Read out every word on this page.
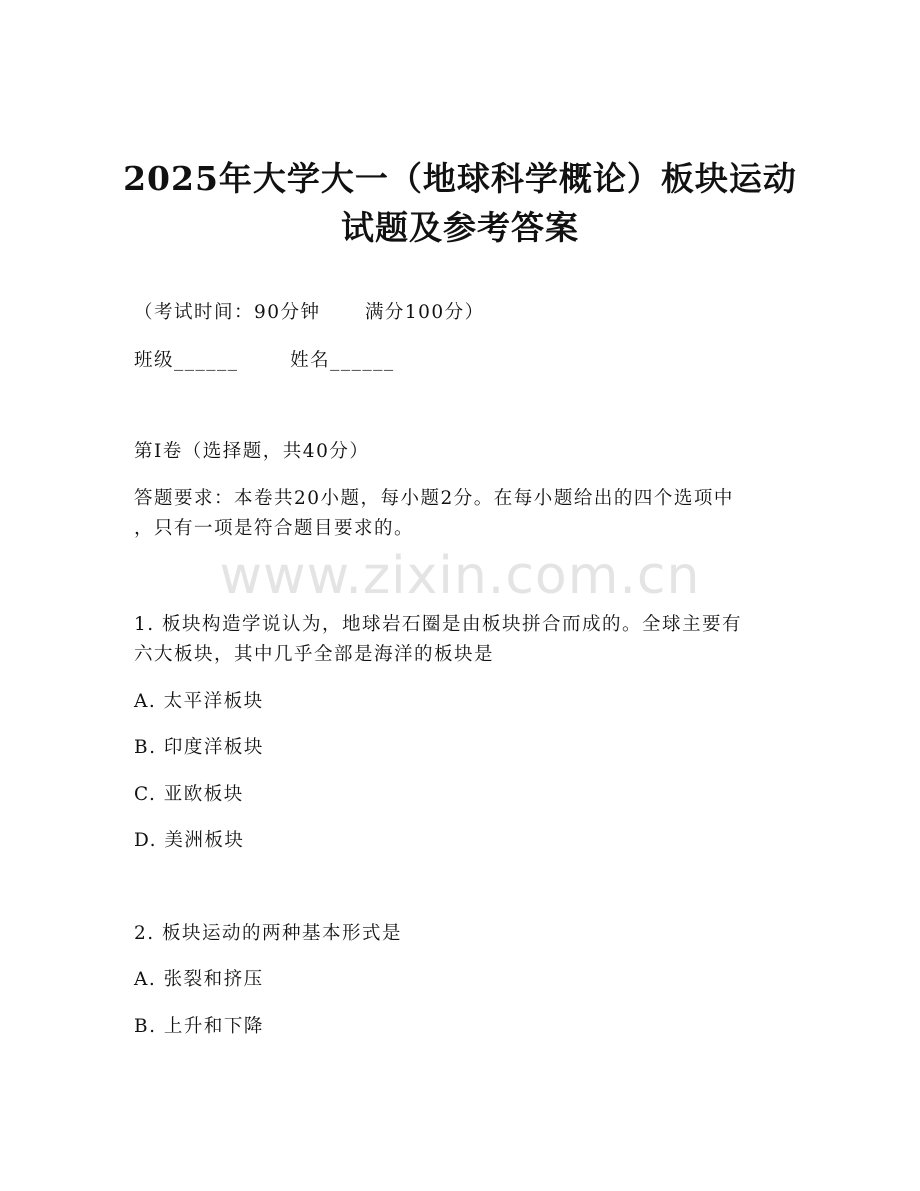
2025年大学大一（地球科学概论）板块运动
试题及参考答案
（考试时间：90分钟      满分100分）
班级______       姓名______
第I卷（选择题，共40分）
答题要求：本卷共20小题，每小题2分。在每小题给出的四个选项中
，只有一项是符合题目要求的。
www.zixin.com.cn
1. 板块构造学说认为，地球岩石圈是由板块拼合而成的。全球主要有
六大板块，其中几乎全部是海洋的板块是
A. 太平洋板块
B. 印度洋板块
C. 亚欧板块
D. 美洲板块
2. 板块运动的两种基本形式是
A. 张裂和挤压
B. 上升和下降
